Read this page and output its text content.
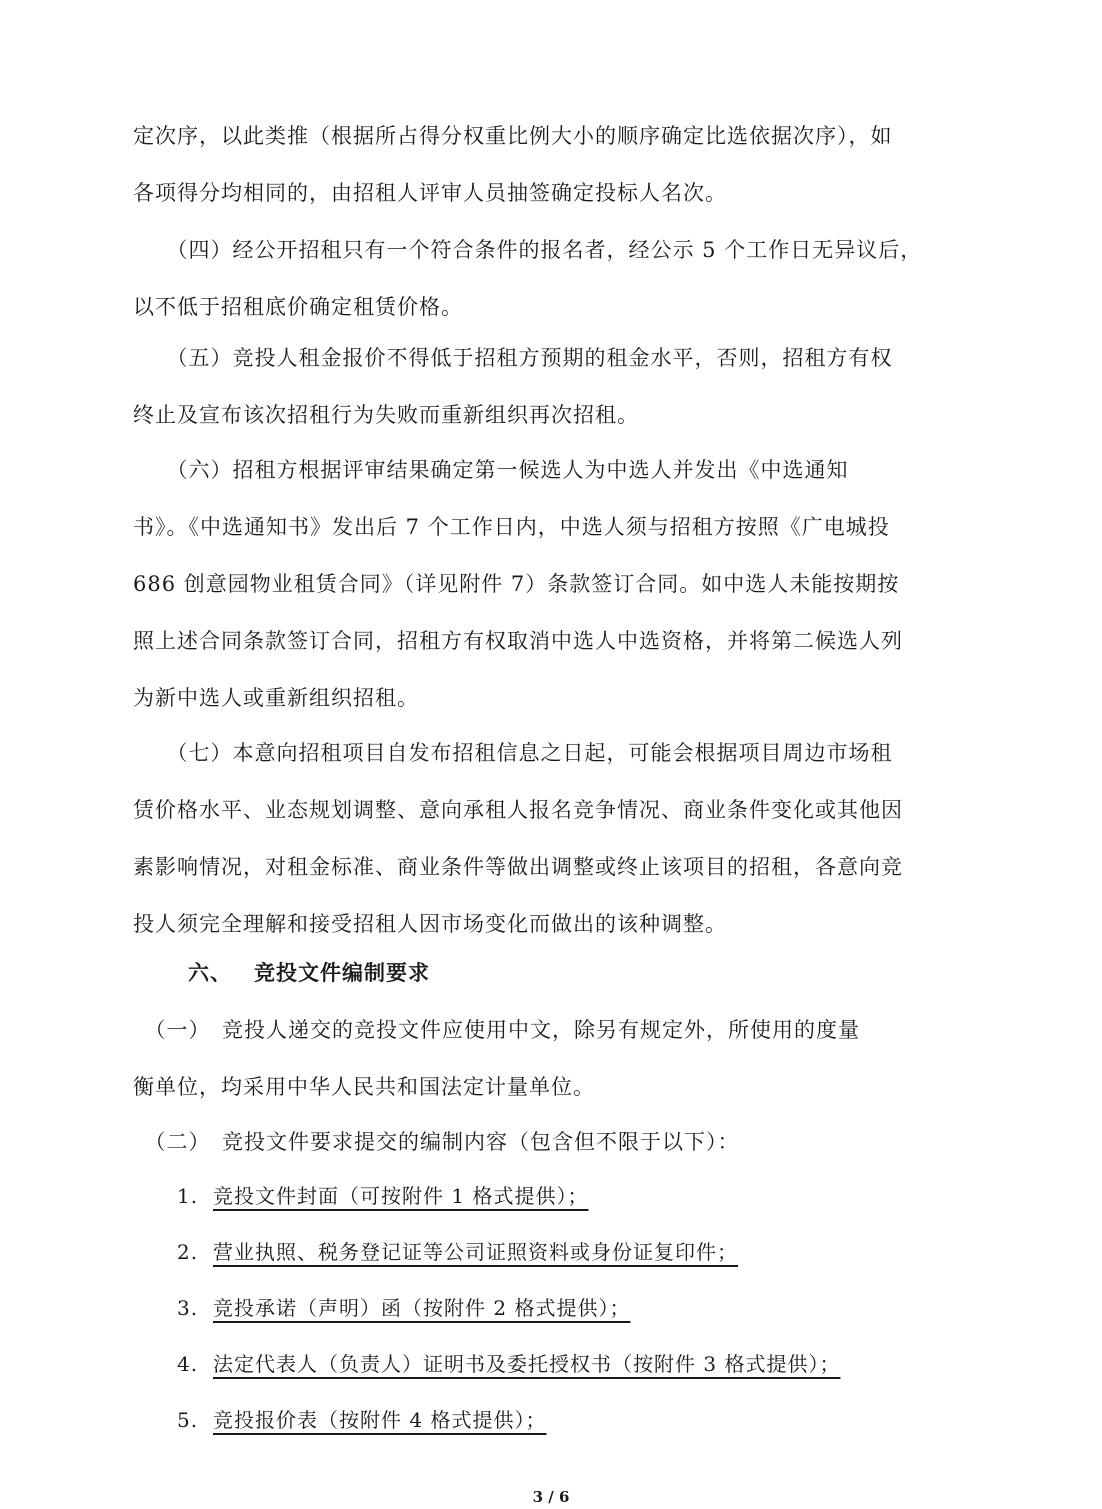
定次序，以此类推（根据所占得分权重比例大小的顺序确定比选依据次序），如
各项得分均相同的，由招租人评审人员抽签确定投标人名次。
　　（四）经公开招租只有一个符合条件的报名者，经公示 5 个工作日无异议后，
以不低于招租底价确定租赁价格。
　　（五）竞投人租金报价不得低于招租方预期的租金水平，否则，招租方有权
终止及宣布该次招租行为失败而重新组织再次招租。
　　（六）招租方根据评审结果确定第一候选人为中选人并发出《中选通知
书》。《中选通知书》发出后 7 个工作日内，中选人须与招租方按照《广电城投
686 创意园物业租赁合同》（详见附件 7）条款签订合同。如中选人未能按期按
照上述合同条款签订合同，招租方有权取消中选人中选资格，并将第二候选人列
为新中选人或重新组织招租。
　　（七）本意向招租项目自发布招租信息之日起，可能会根据项目周边市场租
赁价格水平、业态规划调整、意向承租人报名竞争情况、商业条件变化或其他因
素影响情况，对租金标准、商业条件等做出调整或终止该项目的招租，各意向竞
投人须完全理解和接受招租人因市场变化而做出的该种调整。
六、 竞投文件编制要求
　（一）　竞投人递交的竞投文件应使用中文，除另有规定外，所使用的度量
衡单位，均采用中华人民共和国法定计量单位。
　（二）　竞投文件要求提交的编制内容（包含但不限于以下）：
1. 竞投文件封面（可按附件 1 格式提供）；
2. 营业执照、税务登记证等公司证照资料或身份证复印件；
3. 竞投承诺（声明）函（按附件 2 格式提供）；
4. 法定代表人（负责人）证明书及委托授权书（按附件 3 格式提供）；
5. 竞投报价表（按附件 4 格式提供）；
3 / 6
